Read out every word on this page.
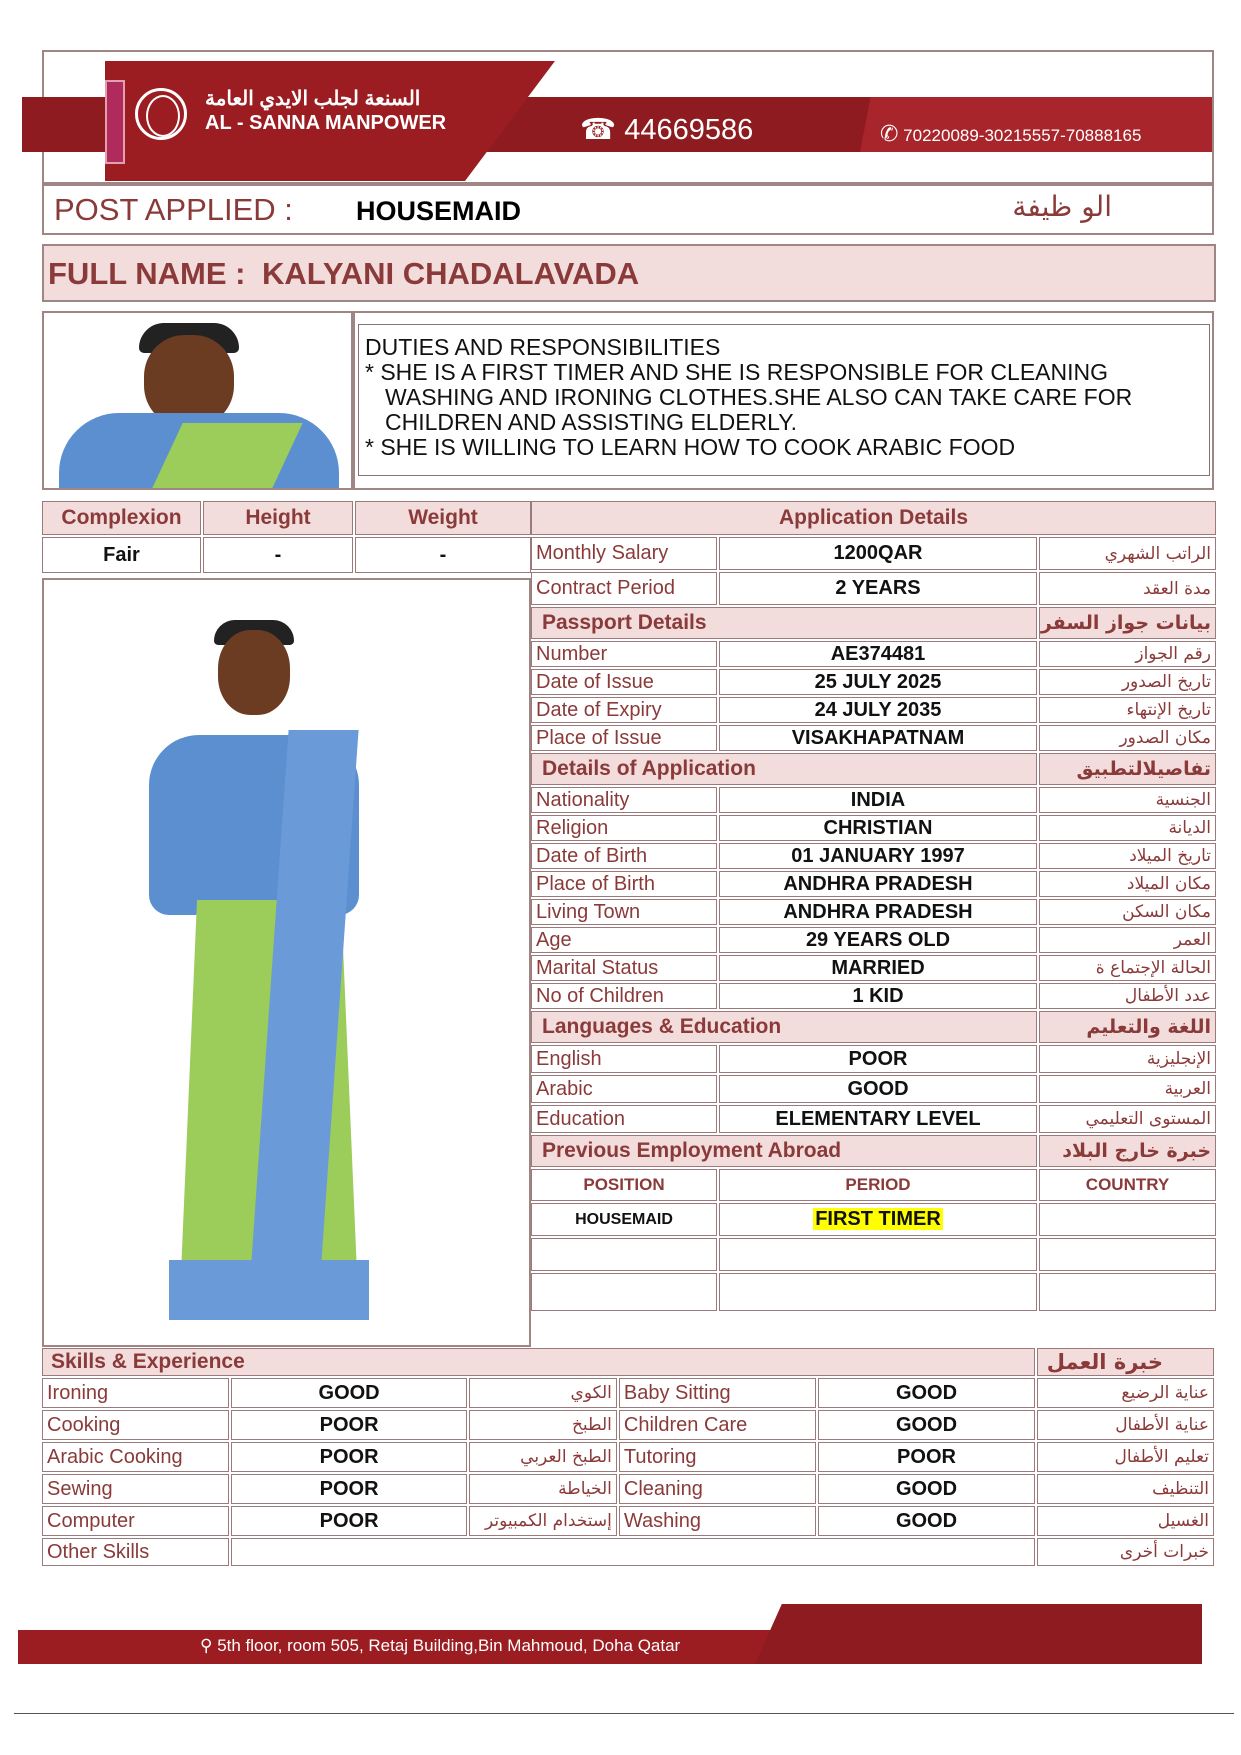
السنعة لجلب الايدي العامة
AL - SANNA MANPOWER	☎ 44669586	✆ 70220089-30215557-70888165
POST APPLIED : HOUSEMAID	الو ظيفة
FULL NAME : KALYANI CHADALAVADA
DUTIES AND RESPONSIBILITIES
* SHE IS A FIRST TIMER AND SHE IS RESPONSIBLE FOR CLEANING
WASHING AND IRONING CLOTHES.SHE ALSO CAN TAKE CARE FOR
CHILDREN AND ASSISTING ELDERLY.
* SHE IS WILLING TO LEARN HOW TO COOK ARABIC FOOD
Complexion	Height	Weight
Fair	-	-
Application Details		
Monthly Salary	1200QAR	الراتب الشهري
Contract Period	2 YEARS	مدة العقد
Passport Details		بيانات جواز السفر
Number	AE374481	رقم الجواز
Date of Issue	25 JULY 2025	تاريخ الصدور
Date of Expiry	24 JULY 2035	تاريخ الإنتهاء
Place of Issue	VISAKHAPATNAM	مكان الصدور
Details of Application		تفاصيلالتطبيق
Nationality	INDIA	الجنسية
Religion	CHRISTIAN	الديانة
Date of Birth	01 JANUARY 1997	تاريخ الميلاد
Place of Birth	ANDHRA PRADESH	مكان الميلاد
Living Town	ANDHRA PRADESH	مكان السكن
Age	29 YEARS OLD	العمر
Marital Status	MARRIED	الحالة الإجتماع ة
No of Children	1 KID	عدد الأطفال
Languages & Education		اللغة والتعليم
English	POOR	الإنجليزية
Arabic	GOOD	العربية
Education	ELEMENTARY LEVEL	المستوى التعليمي
Previous Employment Abroad		خبرة خارج البلاد
POSITION	PERIOD	COUNTRY
HOUSEMAID	FIRST TIMER	

Skills & Experience					خبرة العمل
Ironing	GOOD	الكوي	Baby Sitting	GOOD	عناية الرضيع
Cooking	POOR	الطبخ	Children Care	GOOD	عناية الأطفال
Arabic Cooking	POOR	الطبخ العربي	Tutoring	POOR	تعليم الأطفال
Sewing	POOR	الخياطة	Cleaning	GOOD	التنظيف
Computer	POOR	إستخدام الكمبيوتر	Washing	GOOD	الغسيل
Other Skills					خبرات أخرى
⚲ 5th floor, room 505, Retaj Building,Bin Mahmoud, Doha Qatar
